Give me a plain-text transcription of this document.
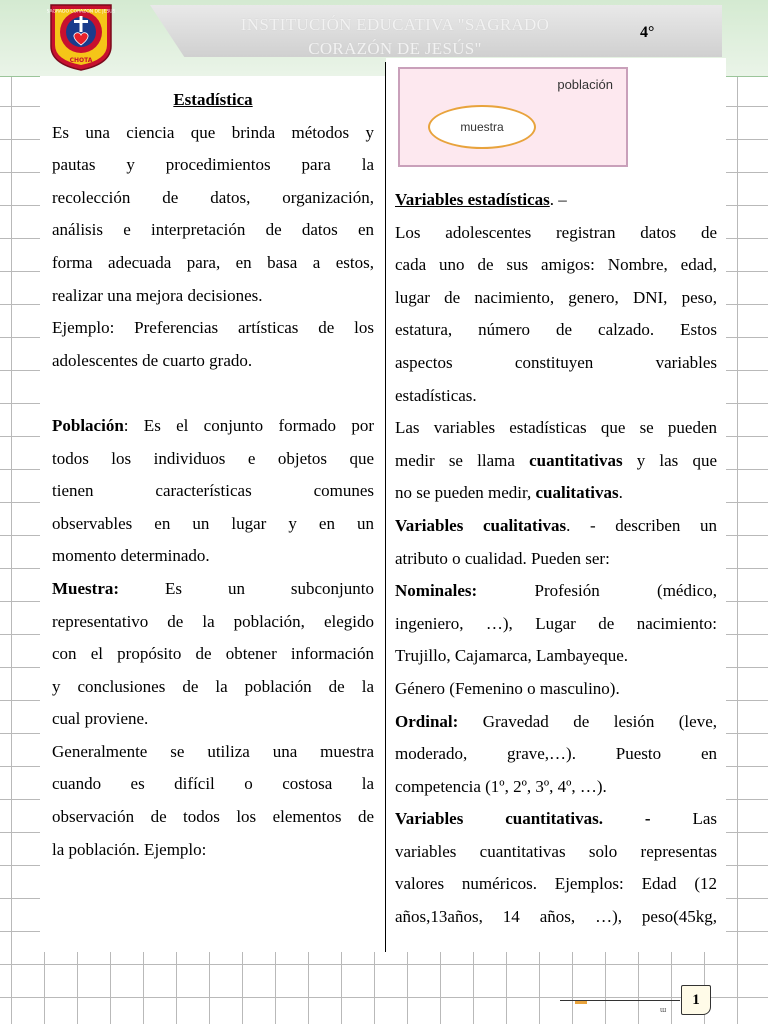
INSTITUCIÓN EDUCATIVA "SAGRADO CORAZÓN DE JESÚS"
4°
SAGRADO CORAZON DE JESUS
CHOTA

Estadística

Es una ciencia que brinda métodos y

pautas y procedimientos para la

recolección de datos, organización,

análisis e interpretación de datos en

forma adecuada para, en basa a estos,

realizar una mejora decisiones.

Ejemplo: Preferencias artísticas de los

adolescentes de cuarto grado.

Población: Es el conjunto formado por

todos los individuos e objetos que

tienen características comunes

observables en un lugar y en un

momento determinado.

Muestra: Es un subconjunto

representativo de la población, elegido

con el propósito de obtener información

y conclusiones de la población de la

cual proviene.

Generalmente se utiliza una muestra

cuando es difícil o costosa la

observación de todos los elementos de

la población. Ejemplo:

población
muestra

Variables estadísticas. –

Los adolescentes registran datos de

cada uno de sus amigos: Nombre, edad,

lugar de nacimiento, genero, DNI, peso,

estatura, número de calzado. Estos

aspectos constituyen variables

estadísticas.

Las variables estadísticas que se pueden

medir se llama cuantitativas y las que

no se pueden medir, cualitativas.

Variables cualitativas. - describen un

atributo o cualidad. Pueden ser:

Nominales: Profesión (médico,

ingeniero, …), Lugar de nacimiento:

Trujillo, Cajamarca, Lambayeque.

Género (Femenino o masculino).

Ordinal: Gravedad de lesión (leve,

moderado, grave,…). Puesto en

competencia (1º, 2º, 3º, 4º, …).

Variables cuantitativas. - Las

variables cuantitativas solo representas

valores numéricos. Ejemplos: Edad (12

años,13años, 14 años, …), peso(45kg,

ɯ
1
